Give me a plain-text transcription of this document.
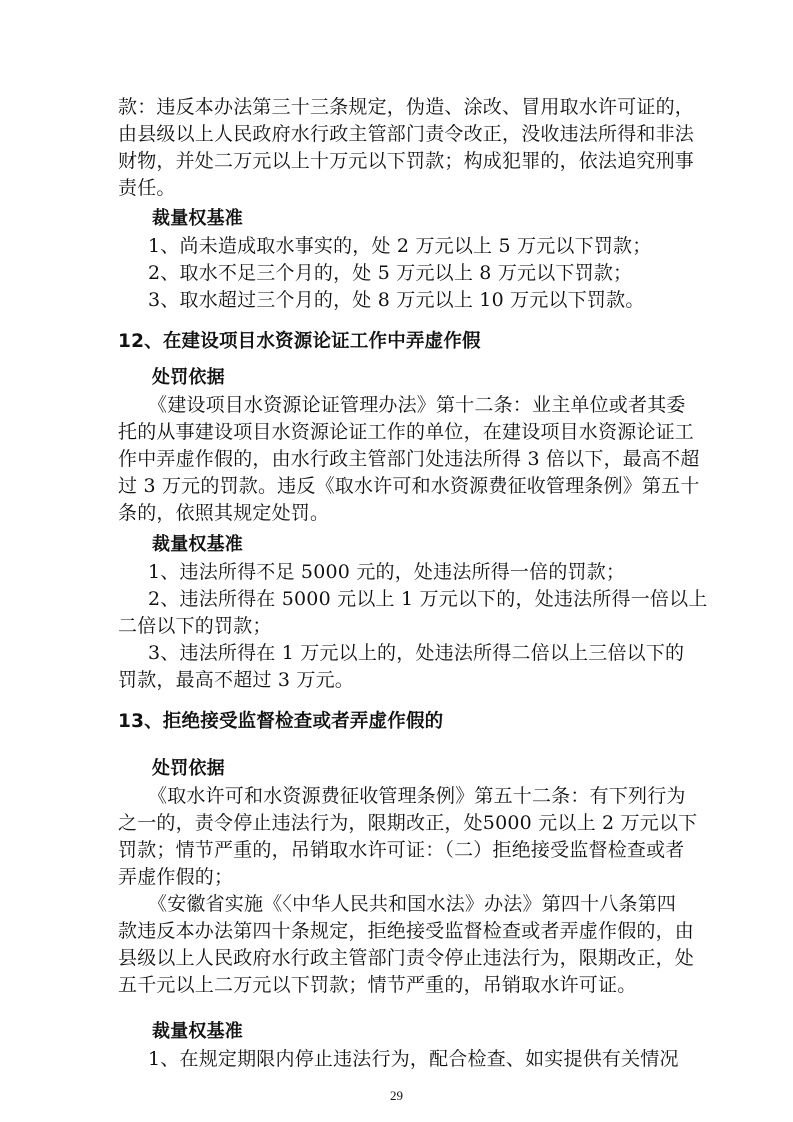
款：违反本办法第三十三条规定，伪造、涂改、冒用取水许可证的，
由县级以上人民政府水行政主管部门责令改正，没收违法所得和非法
财物，并处二万元以上十万元以下罚款；构成犯罪的，依法追究刑事
责任。
裁量权基准
1、尚未造成取水事实的，处 2 万元以上 5 万元以下罚款；
2、取水不足三个月的，处 5 万元以上 8 万元以下罚款；
3、取水超过三个月的，处 8 万元以上 10 万元以下罚款。
12、在建设项目水资源论证工作中弄虚作假
处罚依据
《建设项目水资源论证管理办法》第十二条：业主单位或者其委
托的从事建设项目水资源论证工作的单位，在建设项目水资源论证工
作中弄虚作假的，由水行政主管部门处违法所得 3 倍以下，最高不超
过 3 万元的罚款。违反《取水许可和水资源费征收管理条例》第五十
条的，依照其规定处罚。
裁量权基准
1、违法所得不足 5000 元的，处违法所得一倍的罚款；
2、违法所得在 5000 元以上 1 万元以下的，处违法所得一倍以上
二倍以下的罚款；
3、违法所得在 1 万元以上的，处违法所得二倍以上三倍以下的
罚款，最高不超过 3 万元。
13、拒绝接受监督检查或者弄虚作假的
处罚依据
《取水许可和水资源费征收管理条例》第五十二条：有下列行为
之一的，责令停止违法行为，限期改正，处5000 元以上 2 万元以下
罚款；情节严重的，吊销取水许可证：（二）拒绝接受监督检查或者
弄虚作假的；
《安徽省实施《〈中华人民共和国水法》办法》第四十八条第四
款违反本办法第四十条规定，拒绝接受监督检查或者弄虚作假的，由
县级以上人民政府水行政主管部门责令停止违法行为，限期改正，处
五千元以上二万元以下罚款；情节严重的，吊销取水许可证。
裁量权基准
1、在规定期限内停止违法行为，配合检查、如实提供有关情况
29
